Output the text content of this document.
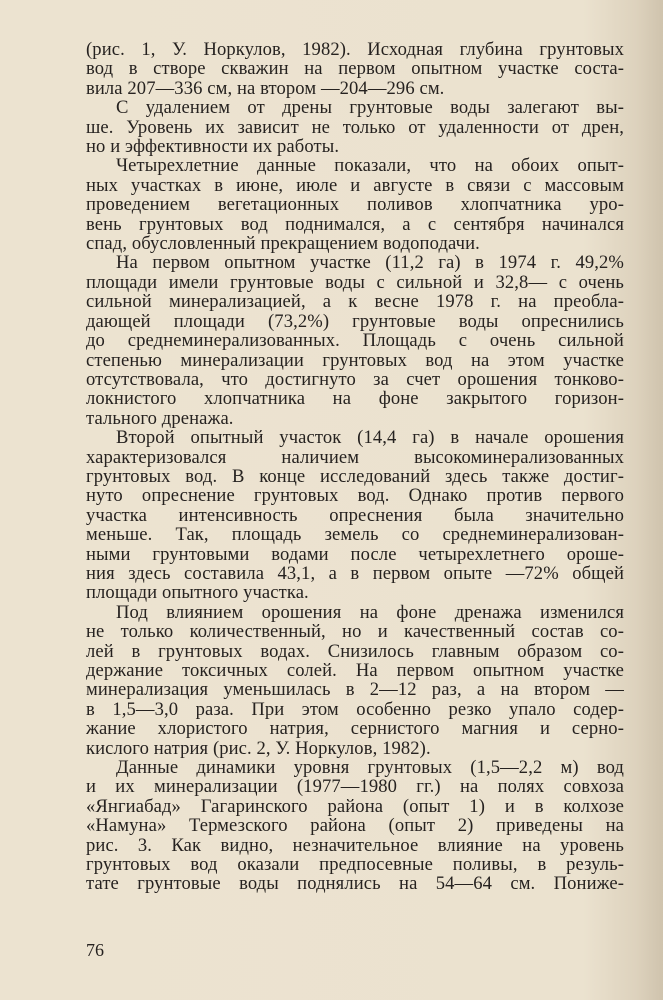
(рис. 1, У. Норкулов, 1982). Исходная глубина грунтовых
вод в створе скважин на первом опытном участке соста-
вила 207—336 см, на втором —204—296 см.
С удалением от дрены грунтовые воды залегают вы-
ше. Уровень их зависит не только от удаленности от дрен,
но и эффективности их работы.
Четырехлетние данные показали, что на обоих опыт-
ных участках в июне, июле и августе в связи с массовым
проведением вегетационных поливов хлопчатника уро-
вень грунтовых вод поднимался, а с сентября начинался
спад, обусловленный прекращением водоподачи.
На первом опытном участке (11,2 га) в 1974 г. 49,2%
площади имели грунтовые воды с сильной и 32,8— с очень
сильной минерализацией, а к весне 1978 г. на преобла-
дающей площади (73,2%) грунтовые воды опреснились
до среднеминерализованных. Площадь с очень сильной
степенью минерализации грунтовых вод на этом участке
отсутствовала, что достигнуто за счет орошения тонково-
локнистого хлопчатника на фоне закрытого горизон-
тального дренажа.
Второй опытный участок (14,4 га) в начале орошения
характеризовался наличием высокоминерализованных
грунтовых вод. В конце исследований здесь также достиг-
нуто опреснение грунтовых вод. Однако против первого
участка интенсивность опреснения была значительно
меньше. Так, площадь земель со среднеминерализован-
ными грунтовыми водами после четырехлетнего ороше-
ния здесь составила 43,1, а в первом опыте —72% общей
площади опытного участка.
Под влиянием орошения на фоне дренажа изменился
не только количественный, но и качественный состав со-
лей в грунтовых водах. Снизилось главным образом со-
держание токсичных солей. На первом опытном участке
минерализация уменьшилась в 2—12 раз, а на втором —
в 1,5—3,0 раза. При этом особенно резко упало содер-
жание хлористого натрия, сернистого магния и серно-
кислого натрия (рис. 2, У. Норкулов, 1982).
Данные динамики уровня грунтовых (1,5—2,2 м) вод
и их минерализации (1977—1980 гг.) на полях совхоза
«Янгиабад» Гагаринского района (опыт 1) и в колхозе
«Намуна» Термезского района (опыт 2) приведены на
рис. 3. Как видно, незначительное влияние на уровень
грунтовых вод оказали предпосевные поливы, в резуль-
тате грунтовые воды поднялись на 54—64 см. Пониже-
76
